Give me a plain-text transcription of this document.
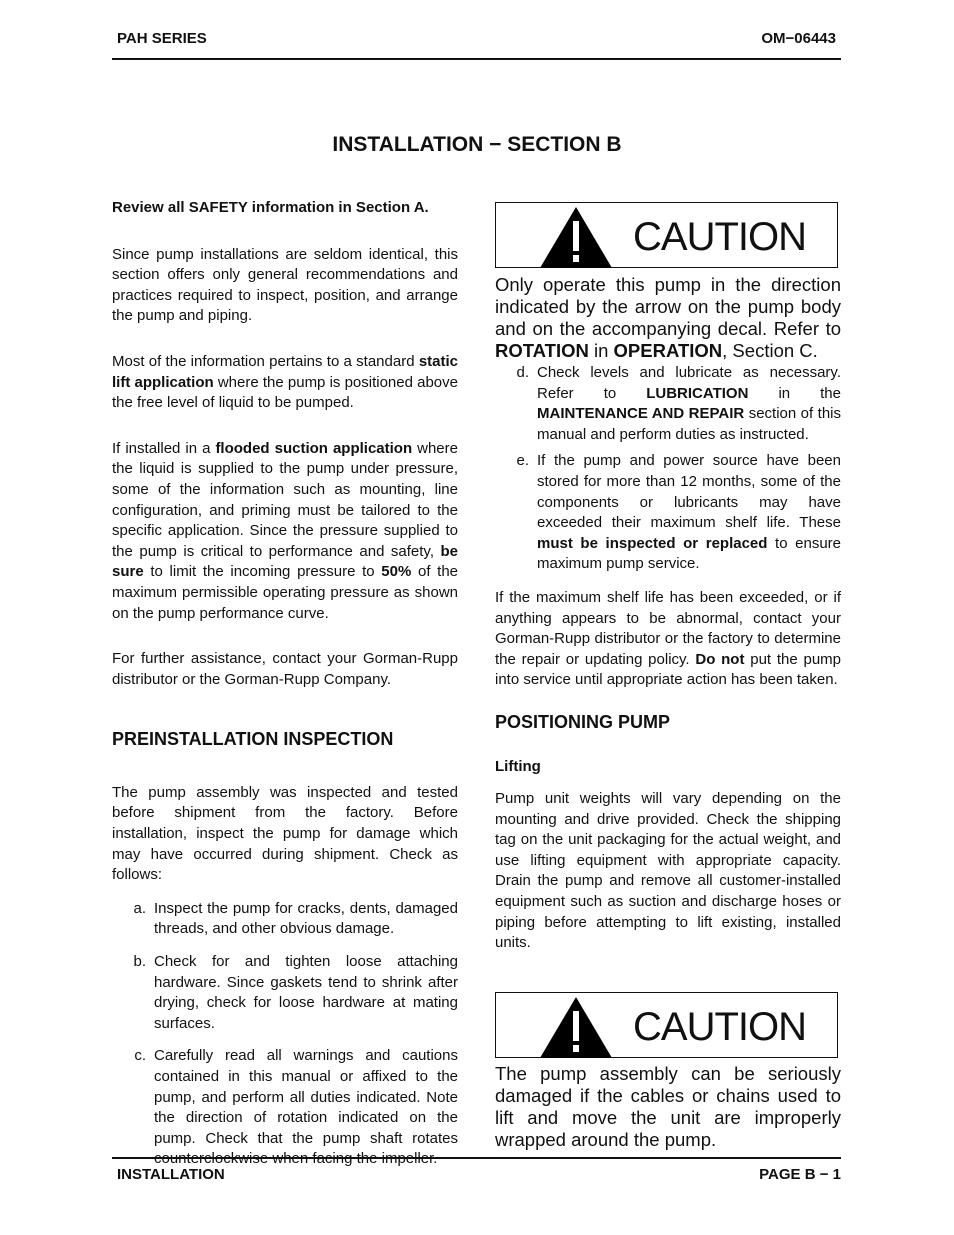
PAH SERIES	OM−06443
INSTALLATION − SECTION B

Review all SAFETY information in Section A.

Since pump installations are seldom identical, this section offers only general recommendations and practices required to inspect, position, and arrange the pump and piping.

Most of the information pertains to a standard static lift application where the pump is positioned above the free level of liquid to be pumped.

If installed in a flooded suction application where the liquid is supplied to the pump under pressure, some of the information such as mounting, line configuration, and priming must be tailored to the specific application. Since the pressure supplied to the pump is critical to performance and safety, be sure to limit the incoming pressure to 50% of the maximum permissible operating pressure as shown on the pump performance curve.

For further assistance, contact your Gorman-Rupp distributor or the Gorman-Rupp Company.

PREINSTALLATION INSPECTION

The pump assembly was inspected and tested before shipment from the factory. Before installation, inspect the pump for damage which may have occurred during shipment. Check as follows:

a. Inspect the pump for cracks, dents, damaged threads, and other obvious damage.
b. Check for and tighten loose attaching hardware. Since gaskets tend to shrink after drying, check for loose hardware at mating surfaces.
c. Carefully read all warnings and cautions contained in this manual or affixed to the pump, and perform all duties indicated. Note the direction of rotation indicated on the pump. Check that the pump shaft rotates
CAUTION
Only operate this pump in the direction indicated by the arrow on the pump body and on the accompanying decal. Refer to ROTATION in OPERATION, Section C.
d. Check levels and lubricate as necessary. Refer to LUBRICATION in the MAINTENANCE AND REPAIR section of this manual and perform duties as instructed.
e. If the pump and power source have been stored for more than 12 months, some of the components or lubricants may have exceeded their maximum shelf life. These must be inspected or replaced to ensure maximum pump service.

If the maximum shelf life has been exceeded, or if anything appears to be abnormal, contact your Gorman-Rupp distributor or the factory to determine the repair or updating policy. Do not put the pump into service until appropriate action has been taken.

POSITIONING PUMP

Lifting

Pump unit weights will vary depending on the mounting and drive provided. Check the shipping tag on the unit packaging for the actual weight, and use lifting equipment with appropriate capacity. Drain the pump and remove all customer-installed equipment such as suction and discharge hoses or piping before attempting to lift existing, installed units.

CAUTION
The pump assembly can be seriously damaged if the cables or chains used to lift and move the unit are improperly wrapped around the pump.
INSTALLATION	PAGE B − 1
